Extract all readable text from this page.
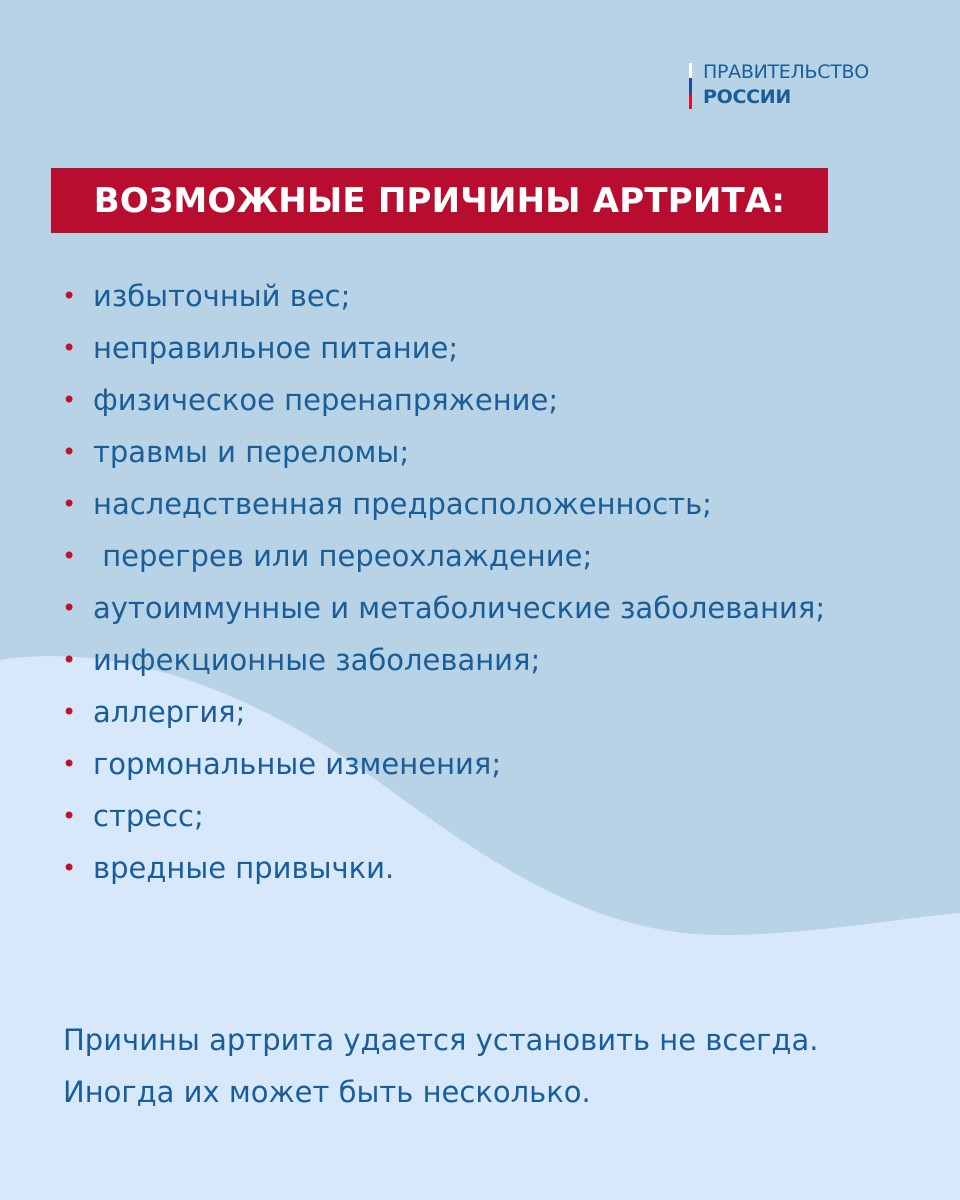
ПРАВИТЕЛЬСТВО
РОССИИ
ВОЗМОЖНЫЕ ПРИЧИНЫ АРТРИТА:
• избыточный вес;
• неправильное питание;
• физическое перенапряжение;
• травмы и переломы;
• наследственная предрасположенность;
• перегрев или переохлаждение;
• аутоиммунные и метаболические заболевания;
• инфекционные заболевания;
• аллергия;
• гормональные изменения;
• стресс;
• вредные привычки.
Причины артрита удается установить не всегда.
Иногда их может быть несколько.
